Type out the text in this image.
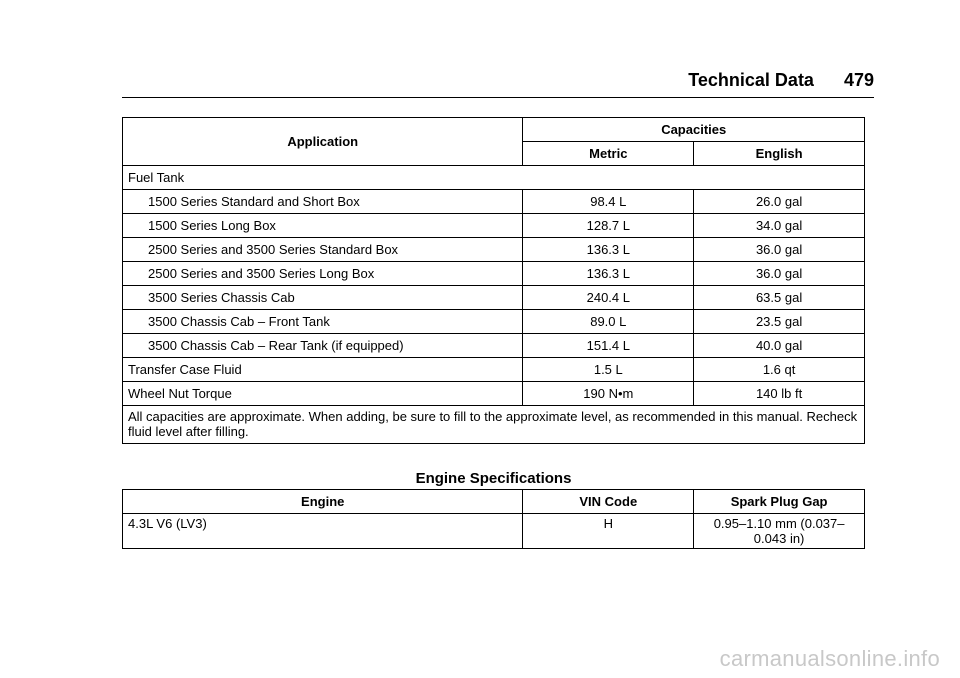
Technical Data 479
Application	Capacities	
	Metric	English
Fuel Tank		
1500 Series Standard and Short Box	98.4 L	26.0 gal
1500 Series Long Box	128.7 L	34.0 gal
2500 Series and 3500 Series Standard Box	136.3 L	36.0 gal
2500 Series and 3500 Series Long Box	136.3 L	36.0 gal
3500 Series Chassis Cab	240.4 L	63.5 gal
3500 Chassis Cab – Front Tank	89.0 L	23.5 gal
3500 Chassis Cab – Rear Tank (if equipped)	151.4 L	40.0 gal
Transfer Case Fluid	1.5 L	1.6 qt
Wheel Nut Torque	190 N•m	140 lb ft
All capacities are approximate. When adding, be sure to fill to the approximate level, as recommended in this manual. Recheck fluid level after filling.		
Engine Specifications
Engine	VIN Code	Spark Plug Gap
4.3L V6 (LV3)	H	0.95–1.10 mm (0.037–
0.043 in)
carmanualsonline.info
